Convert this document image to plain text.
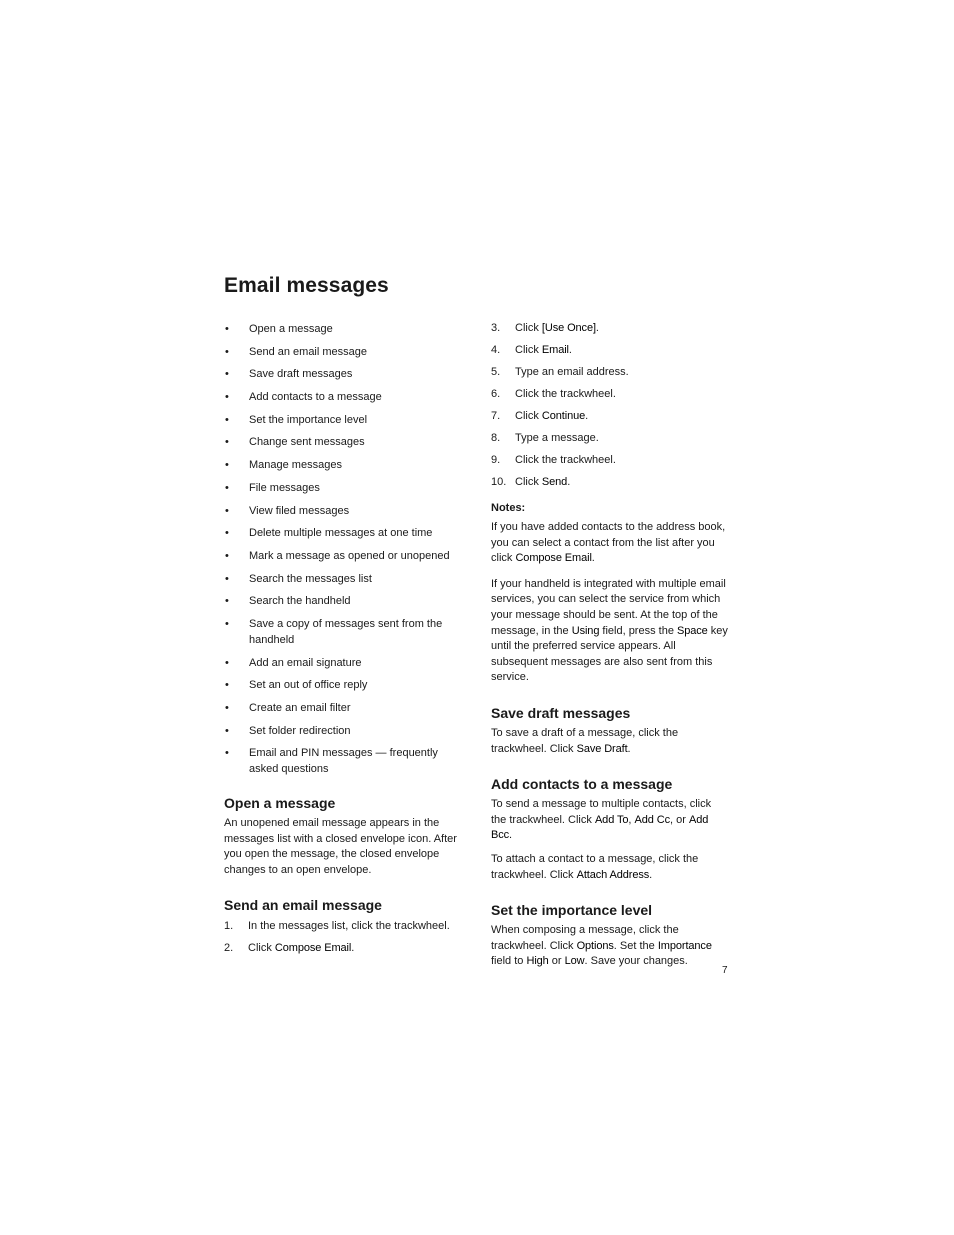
Email messages
• Open a message
• Send an email message
• Save draft messages
• Add contacts to a message
• Set the importance level
• Change sent messages
• Manage messages
• File messages
• View filed messages
• Delete multiple messages at one time
• Mark a message as opened or unopened
• Search the messages list
• Search the handheld
• Save a copy of messages sent from the handheld
• Add an email signature
• Set an out of office reply
• Create an email filter
• Set folder redirection
• Email and PIN messages — frequently asked questions
Open a message

An unopened email message appears in the messages list with a closed envelope icon. After you open the message, the closed envelope changes to an open envelope.

Send an email message
1. In the messages list, click the trackwheel.
2. Click Compose Email.
3. Click [Use Once].
4. Click Email.
5. Type an email address.
6. Click the trackwheel.
7. Click Continue.
8. Type a message.
9. Click the trackwheel.
10. Click Send.

Notes:

If you have added contacts to the address book, you can select a contact from the list after you click Compose Email.

If your handheld is integrated with multiple email services, you can select the service from which your message should be sent. At the top of the message, in the Using field, press the Space key until the preferred service appears. All subsequent messages are also sent from this service.

Save draft messages

To save a draft of a message, click the trackwheel. Click Save Draft.

Add contacts to a message

To send a message to multiple contacts, click the trackwheel. Click Add To, Add Cc, or Add Bcc.

To attach a contact to a message, click the trackwheel. Click Attach Address.

Set the importance level

When composing a message, click the trackwheel. Click Options. Set the Importance field to High or Low. Save your changes.

7
